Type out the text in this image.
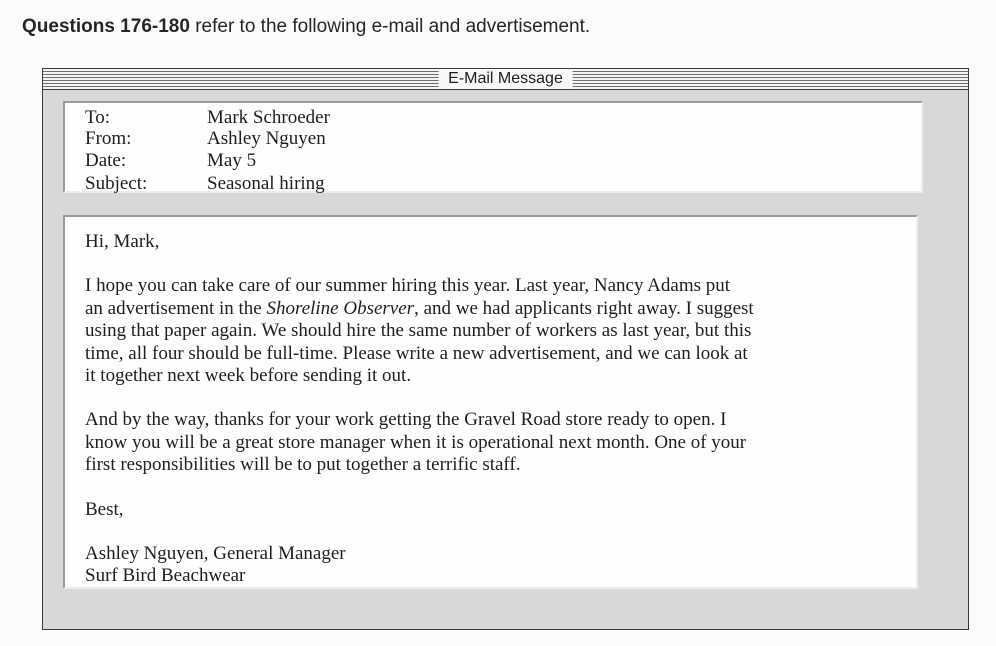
Questions 176-180 refer to the following e-mail and advertisement.
E-Mail Message
To:	Mark Schroeder
From:	Ashley Nguyen
Date:	May 5
Subject:	Seasonal hiring

Hi, Mark,

I hope you can take care of our summer hiring this year. Last year, Nancy Adams put
an advertisement in the Shoreline Observer, and we had applicants right away. I suggest
using that paper again. We should hire the same number of workers as last year, but this
time, all four should be full-time. Please write a new advertisement, and we can look at
it together next week before sending it out.

And by the way, thanks for your work getting the Gravel Road store ready to open. I
know you will be a great store manager when it is operational next month. One of your
first responsibilities will be to put together a terrific staff.

Best,

Ashley Nguyen, General Manager
Surf Bird Beachwear
